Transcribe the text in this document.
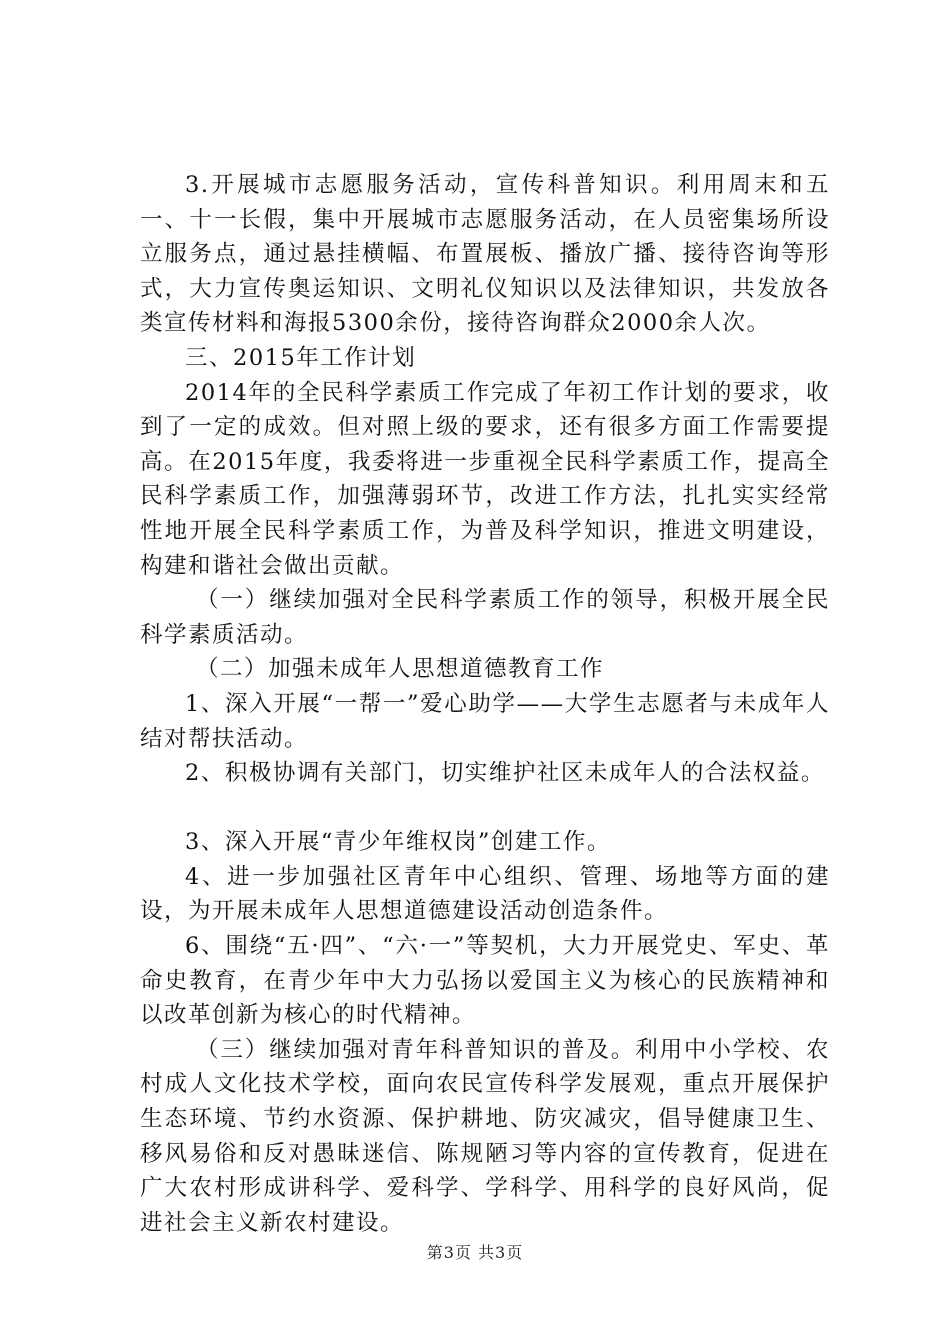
3.开展城市志愿服务活动，宣传科普知识。利用周末和五一、十一长假，集中开展城市志愿服务活动，在人员密集场所设立服务点，通过悬挂横幅、布置展板、播放广播、接待咨询等形式，大力宣传奥运知识、文明礼仪知识以及法律知识，共发放各类宣传材料和海报5300余份，接待咨询群众2000余人次。

三、2015年工作计划

2014年的全民科学素质工作完成了年初工作计划的要求，收到了一定的成效。但对照上级的要求，还有很多方面工作需要提高。在2015年度，我委将进一步重视全民科学素质工作，提高全民科学素质工作，加强薄弱环节，改进工作方法，扎扎实实经常性地开展全民科学素质工作，为普及科学知识，推进文明建设，构建和谐社会做出贡献。

（一）继续加强对全民科学素质工作的领导，积极开展全民科学素质活动。

（二）加强未成年人思想道德教育工作

1、深入开展“一帮一”爱心助学——大学生志愿者与未成年人结对帮扶活动。

2、积极协调有关部门，切实维护社区未成年人的合法权益。

3、深入开展“青少年维权岗”创建工作。

4、进一步加强社区青年中心组织、管理、场地等方面的建设，为开展未成年人思想道德建设活动创造条件。

6、围绕“五·四”、“六·一”等契机，大力开展党史、军史、革命史教育，在青少年中大力弘扬以爱国主义为核心的民族精神和以改革创新为核心的时代精神。

（三）继续加强对青年科普知识的普及。利用中小学校、农村成人文化技术学校，面向农民宣传科学发展观，重点开展保护生态环境、节约水资源、保护耕地、防灾减灾，倡导健康卫生、移风易俗和反对愚昧迷信、陈规陋习等内容的宣传教育，促进在广大农村形成讲科学、爱科学、学科学、用科学的良好风尚，促进社会主义新农村建设。

第3页 共3页
